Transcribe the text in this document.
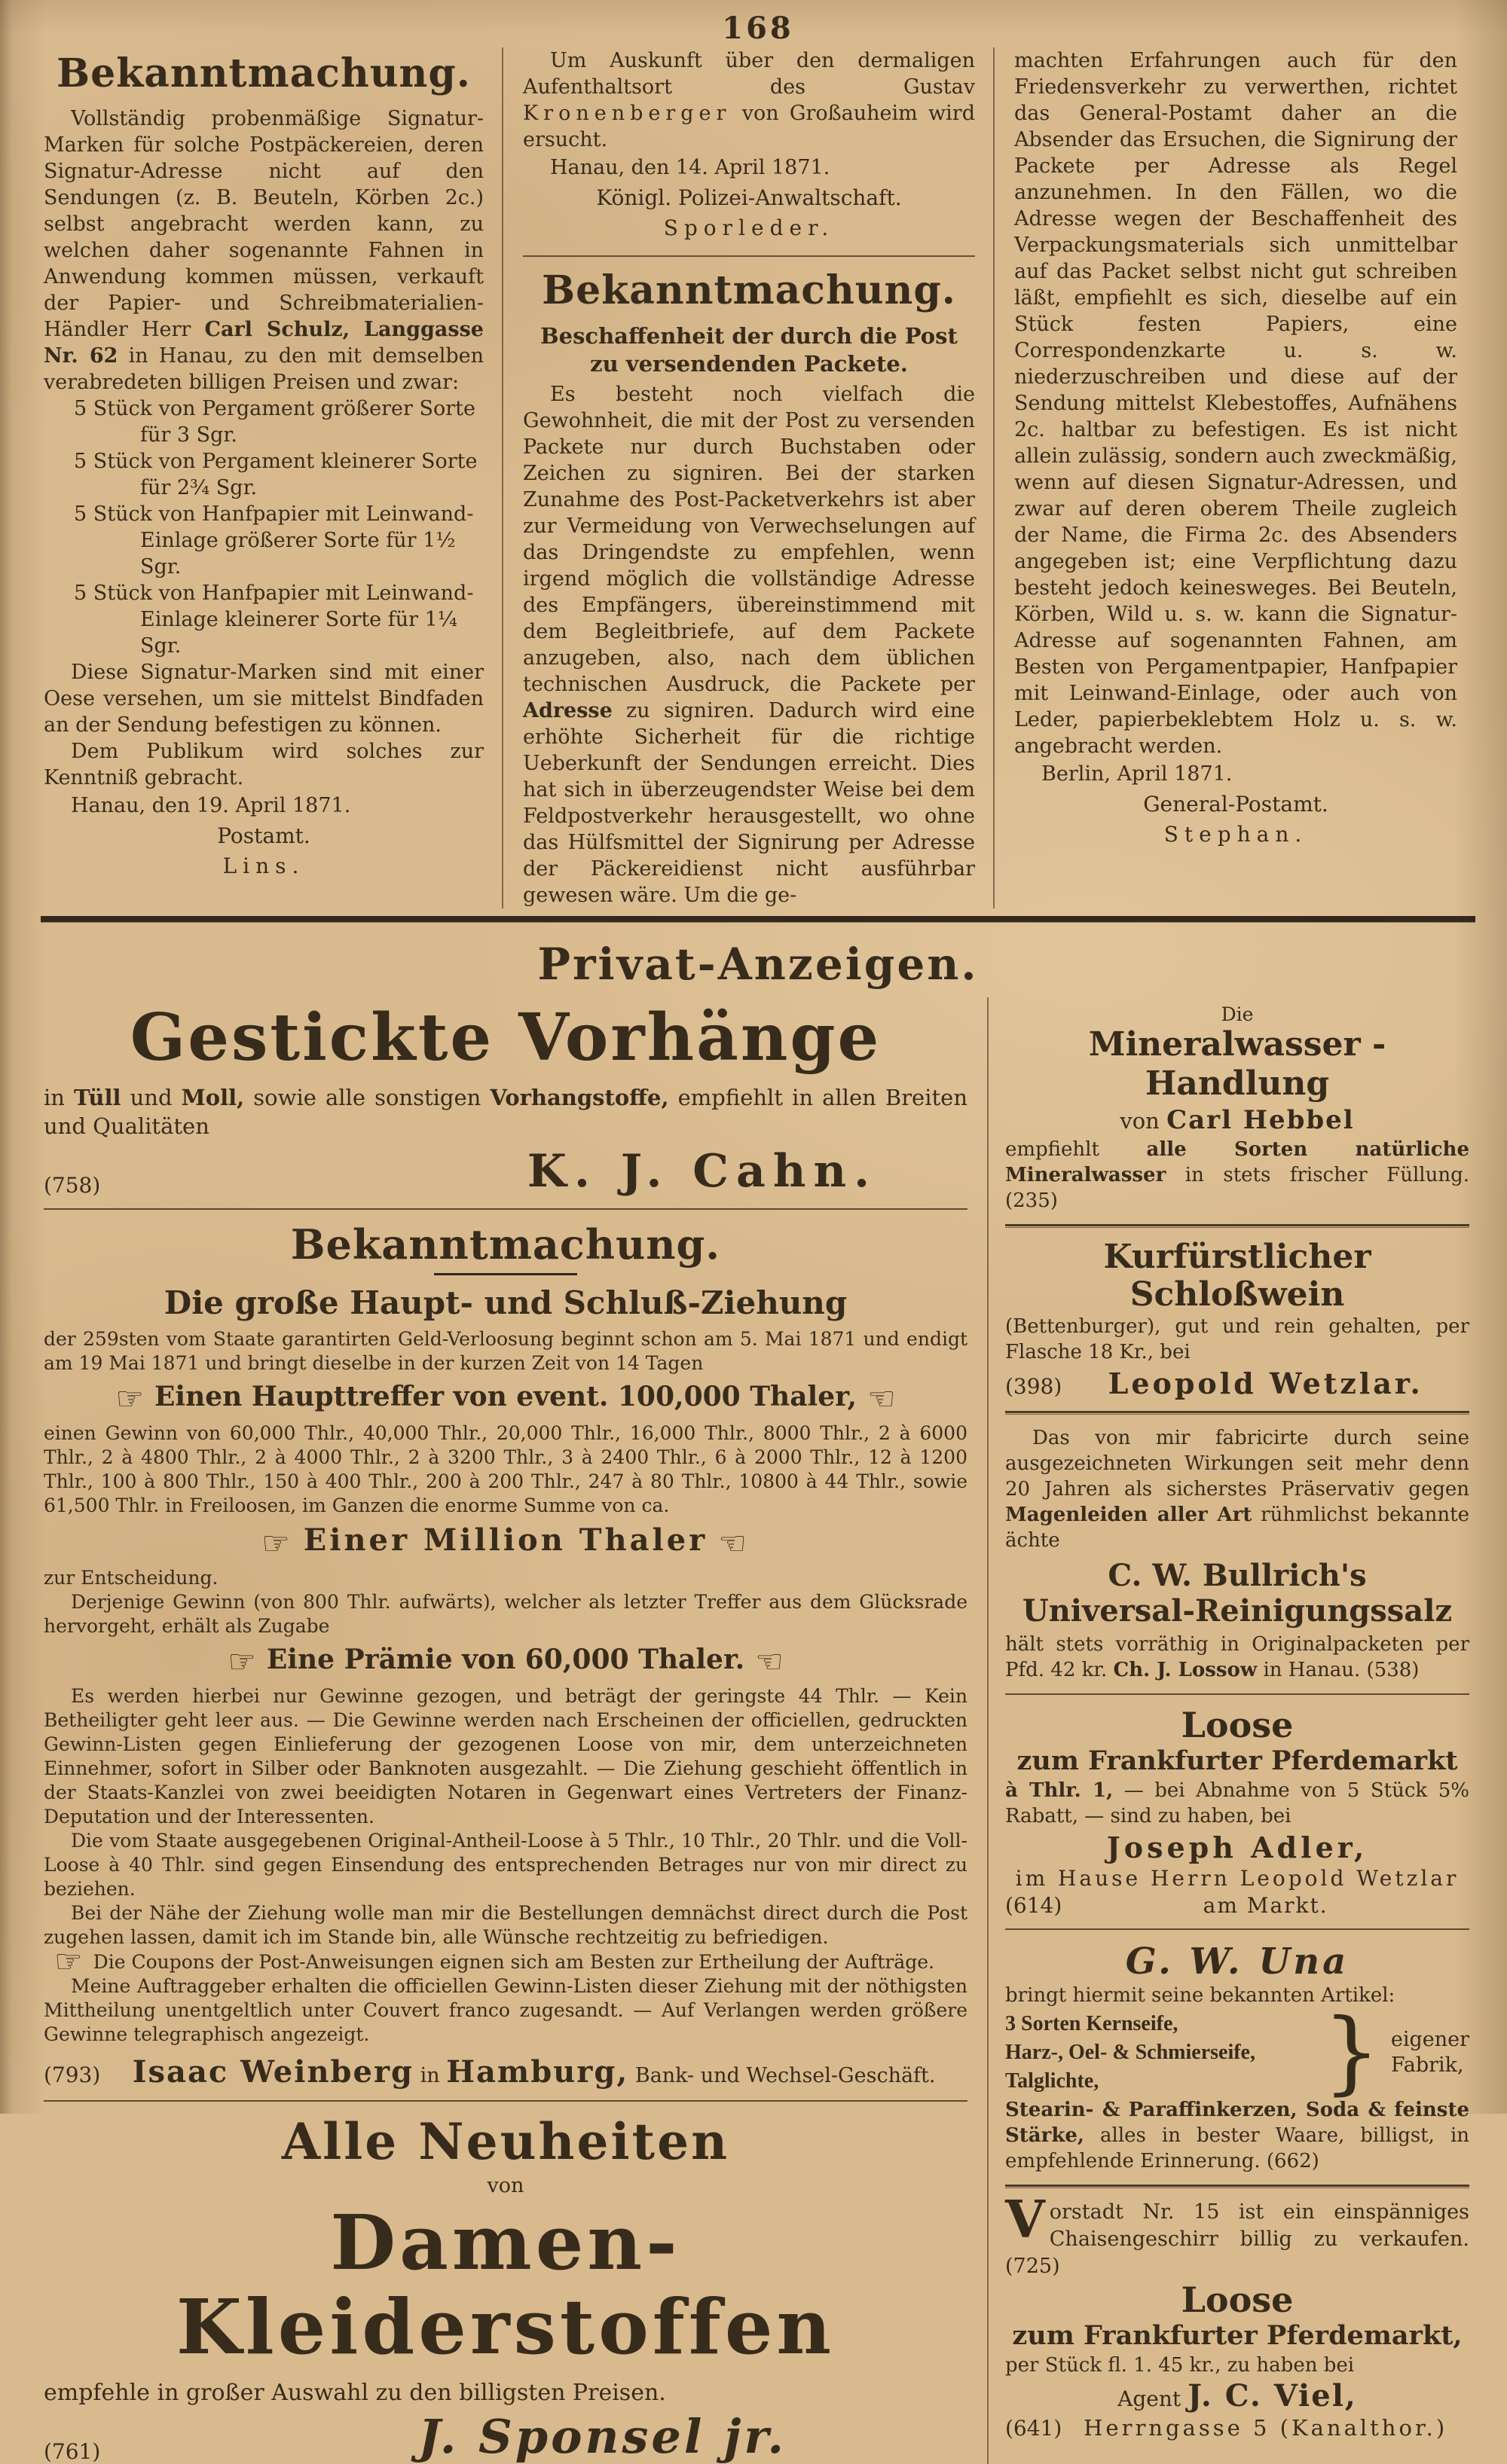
168
Bekanntmachung.

Vollständig probenmäßige Signatur-Marken für solche Postpäckereien, deren Signatur-Adresse nicht auf den Sendungen (z. B. Beuteln, Körben 2c.) selbst angebracht werden kann, zu welchen daher sogenannte Fahnen in Anwendung kommen müssen, verkauft der Papier- und Schreibmaterialien-Händler Herr Carl Schulz, Langgasse Nr. 62 in Hanau, zu den mit demselben verabredeten billigen Preisen und zwar:

5 Stück von Pergament größerer Sorte für 3 Sgr.

5 Stück von Pergament kleinerer Sorte für 2¾ Sgr.

5 Stück von Hanfpapier mit Leinwand-Einlage größerer Sorte für 1½ Sgr.

5 Stück von Hanfpapier mit Leinwand-Einlage kleinerer Sorte für 1¼ Sgr.

Diese Signatur-Marken sind mit einer Oese versehen, um sie mittelst Bindfaden an der Sendung befestigen zu können.

Dem Publikum wird solches zur Kenntniß gebracht.

Hanau, den 19. April 1871.

Postamt.

Lins.

Um Auskunft über den dermaligen Aufenthaltsort des Gustav Kronenberger von Großauheim wird ersucht.

Hanau, den 14. April 1871.

Königl. Polizei-Anwaltschaft.

Sporleder.

Bekanntmachung.

Beschaffenheit der durch die Post zu versendenden Packete.

Es besteht noch vielfach die Gewohnheit, die mit der Post zu versenden Packete nur durch Buchstaben oder Zeichen zu signiren. Bei der starken Zunahme des Post-Packetverkehrs ist aber zur Vermeidung von Verwechselungen auf das Dringendste zu empfehlen, wenn irgend möglich die vollständige Adresse des Empfängers, übereinstimmend mit dem Begleitbriefe, auf dem Packete anzugeben, also, nach dem üblichen technischen Ausdruck, die Packete per Adresse zu signiren. Dadurch wird eine erhöhte Sicherheit für die richtige Ueberkunft der Sendungen erreicht. Dies hat sich in überzeugendster Weise bei dem Feldpostverkehr herausgestellt, wo ohne das Hülfsmittel der Signirung per Adresse der Päckereidienst nicht ausführbar gewesen wäre. Um die ge-

machten Erfahrungen auch für den Friedensverkehr zu verwerthen, richtet das General-Postamt daher an die Absender das Ersuchen, die Signirung der Packete per Adresse als Regel anzunehmen. In den Fällen, wo die Adresse wegen der Beschaffenheit des Verpackungsmaterials sich unmittelbar auf das Packet selbst nicht gut schreiben läßt, empfiehlt es sich, dieselbe auf ein Stück festen Papiers, eine Correspondenzkarte u. s. w. niederzuschreiben und diese auf der Sendung mittelst Klebestoffes, Aufnähens 2c. haltbar zu befestigen. Es ist nicht allein zulässig, sondern auch zweckmäßig, wenn auf diesen Signatur-Adressen, und zwar auf deren oberem Theile zugleich der Name, die Firma 2c. des Absenders angegeben ist; eine Verpflichtung dazu besteht jedoch keinesweges. Bei Beuteln, Körben, Wild u. s. w. kann die Signatur-Adresse auf sogenannten Fahnen, am Besten von Pergamentpapier, Hanfpapier mit Leinwand-Einlage, oder auch von Leder, papierbeklebtem Holz u. s. w. angebracht werden.

Berlin, April 1871.

General-Postamt.

Stephan.

Privat-Anzeigen.
Gestickte Vorhänge

in Tüll und Moll, sowie alle sonstigen Vorhangstoffe, empfiehlt in allen Breiten und Qualitäten

(758)	K. J. Cahn.
Bekanntmachung.
Die große Haupt- und Schluß-Ziehung

der 259sten vom Staate garantirten Geld-Verloosung beginnt schon am 5. Mai 1871 und endigt am 19 Mai 1871 und bringt dieselbe in der kurzen Zeit von 14 Tagen

☞ Einen Haupttreffer von event. 100,000 Thaler, ☜

einen Gewinn von 60,000 Thlr., 40,000 Thlr., 20,000 Thlr., 16,000 Thlr., 8000 Thlr., 2 à 6000 Thlr., 2 à 4800 Thlr., 2 à 4000 Thlr., 2 à 3200 Thlr., 3 à 2400 Thlr., 6 à 2000 Thlr., 12 à 1200 Thlr., 100 à 800 Thlr., 150 à 400 Thlr., 200 à 200 Thlr., 247 à 80 Thlr., 10800 à 44 Thlr., sowie 61,500 Thlr. in Freiloosen, im Ganzen die enorme Summe von ca.

☞ Einer Million Thaler ☜

zur Entscheidung.

Derjenige Gewinn (von 800 Thlr. aufwärts), welcher als letzter Treffer aus dem Glücksrade hervorgeht, erhält als Zugabe

☞ Eine Prämie von 60,000 Thaler. ☜

Es werden hierbei nur Gewinne gezogen, und beträgt der geringste 44 Thlr. — Kein Betheiligter geht leer aus. — Die Gewinne werden nach Erscheinen der officiellen, gedruckten Gewinn-Listen gegen Einlieferung der gezogenen Loose von mir, dem unterzeichneten Einnehmer, sofort in Silber oder Banknoten ausgezahlt. — Die Ziehung geschieht öffentlich in der Staats-Kanzlei von zwei beeidigten Notaren in Gegenwart eines Vertreters der Finanz-Deputation und der Interessenten.

Die vom Staate ausgegebenen Original-Antheil-Loose à 5 Thlr., 10 Thlr., 20 Thlr. und die Voll-Loose à 40 Thlr. sind gegen Einsendung des entsprechenden Betrages nur von mir direct zu beziehen.

Bei der Nähe der Ziehung wolle man mir die Bestellungen demnächst direct durch die Post zugehen lassen, damit ich im Stande bin, alle Wünsche rechtzeitig zu befriedigen.

☞ Die Coupons der Post-Anweisungen eignen sich am Besten zur Ertheilung der Aufträge.

Meine Auftraggeber erhalten die officiellen Gewinn-Listen dieser Ziehung mit der nöthigsten Mittheilung unentgeltlich unter Couvert franco zugesandt. — Auf Verlangen werden größere Gewinne telegraphisch angezeigt.

(793)	Isaac Weinberg in Hamburg, Bank- und Wechsel-Geschäft.
Alle Neuheiten
von
Damen-Kleiderstoffen

empfehle in großer Auswahl zu den billigsten Preisen.

(761)	J. Sponsel jr.
Die
Mineralwasser - Handlung
von Carl Hebbel

empfiehlt alle Sorten natürliche Mineralwasser in stets frischer Füllung. (235)

Kurfürstlicher Schloßwein

(Bettenburger), gut und rein gehalten, per Flasche 18 Kr., bei

(398)	Leopold Wetzlar.

Das von mir fabricirte durch seine ausgezeichneten Wirkungen seit mehr denn 20 Jahren als sicherstes Präservativ gegen Magenleiden aller Art rühmlichst bekannte ächte

C. W. Bullrich's
Universal-Reinigungssalz

hält stets vorräthig in Originalpacketen per Pfd. 42 kr. Ch. J. Lossow in Hanau. (538)

Loose
zum Frankfurter Pferdemarkt

à Thlr. 1, — bei Abnahme von 5 Stück 5% Rabatt, — sind zu haben, bei

Joseph Adler,
im Hause Herrn Leopold Wetzlar
(614)	am Markt.
G. W. Una

bringt hiermit seine bekannten Artikel:

3 Sorten Kernseife,
Harz-, Oel- & Schmierseife,
Talglichte,	} eigener
Fabrik,

Stearin- & Paraffinkerzen, Soda & feinste Stärke, alles in bester Waare, billigst, in empfehlende Erinnerung. (662)

Vorstadt Nr. 15 ist ein einspänniges Chaisengeschirr billig zu verkaufen. (725)

Loose
zum Frankfurter Pferdemarkt,

per Stück fl. 1. 45 kr., zu haben bei

Agent J. C. Viel,
(641) Herrngasse 5 (Kanalthor.)
